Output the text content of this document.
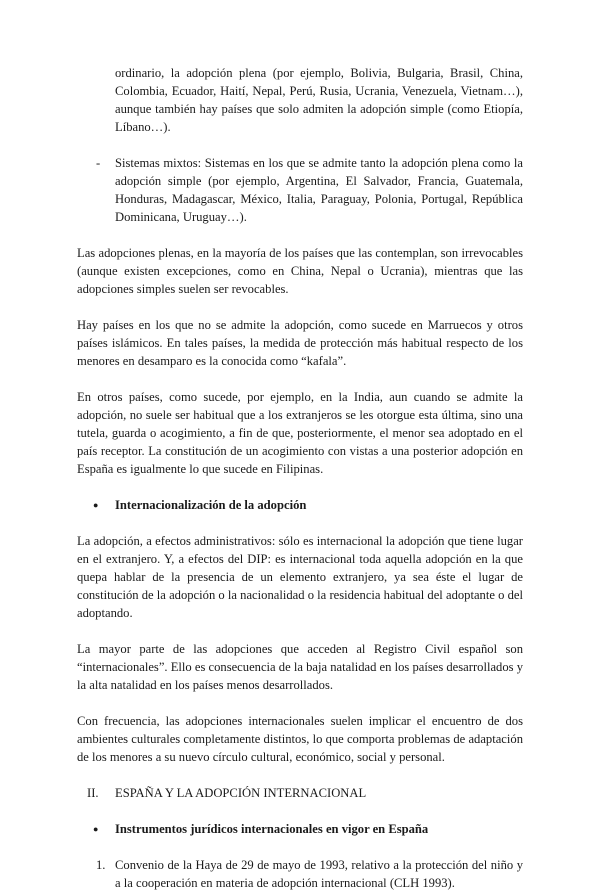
ordinario, la adopción plena (por ejemplo, Bolivia, Bulgaria, Brasil, China, Colombia, Ecuador, Haití, Nepal, Perú, Rusia, Ucrania, Venezuela, Vietnam…), aunque también hay países que solo admiten la adopción simple (como Etiopía, Líbano…).

- Sistemas mixtos: Sistemas en los que se admite tanto la adopción plena como la adopción simple (por ejemplo, Argentina, El Salvador, Francia, Guatemala, Honduras, Madagascar, México, Italia, Paraguay, Polonia, Portugal, República Dominicana, Uruguay…).

Las adopciones plenas, en la mayoría de los países que las contemplan, son irrevocables (aunque existen excepciones, como en China, Nepal o Ucrania), mientras que las adopciones simples suelen ser revocables.

Hay países en los que no se admite la adopción, como sucede en Marruecos y otros países islámicos. En tales países, la medida de protección más habitual respecto de los menores en desamparo es la conocida como “kafala”.

En otros países, como sucede, por ejemplo, en la India, aun cuando se admite la adopción, no suele ser habitual que a los extranjeros se les otorgue esta última, sino una tutela, guarda o acogimiento, a fin de que, posteriormente, el menor sea adoptado en el país receptor. La constitución de un acogimiento con vistas a una posterior adopción en España es igualmente lo que sucede en Filipinas.

● Internacionalización de la adopción

La adopción, a efectos administrativos: sólo es internacional la adopción que tiene lugar en el extranjero. Y, a efectos del DIP: es internacional toda aquella adopción en la que quepa hablar de la presencia de un elemento extranjero, ya sea éste el lugar de constitución de la adopción o la nacionalidad o la residencia habitual del adoptante o del adoptando.

La mayor parte de las adopciones que acceden al Registro Civil español son “internacionales”. Ello es consecuencia de la baja natalidad en los países desarrollados y la alta natalidad en los países menos desarrollados.

Con frecuencia, las adopciones internacionales suelen implicar el encuentro de dos ambientes culturales completamente distintos, lo que comporta problemas de adaptación de los menores a su nuevo círculo cultural, económico, social y personal.

II. ESPAÑA Y LA ADOPCIÓN INTERNACIONAL
● Instrumentos jurídicos internacionales en vigor en España
1. Convenio de la Haya de 29 de mayo de 1993, relativo a la protección del niño y a la cooperación en materia de adopción internacional (CLH 1993).
